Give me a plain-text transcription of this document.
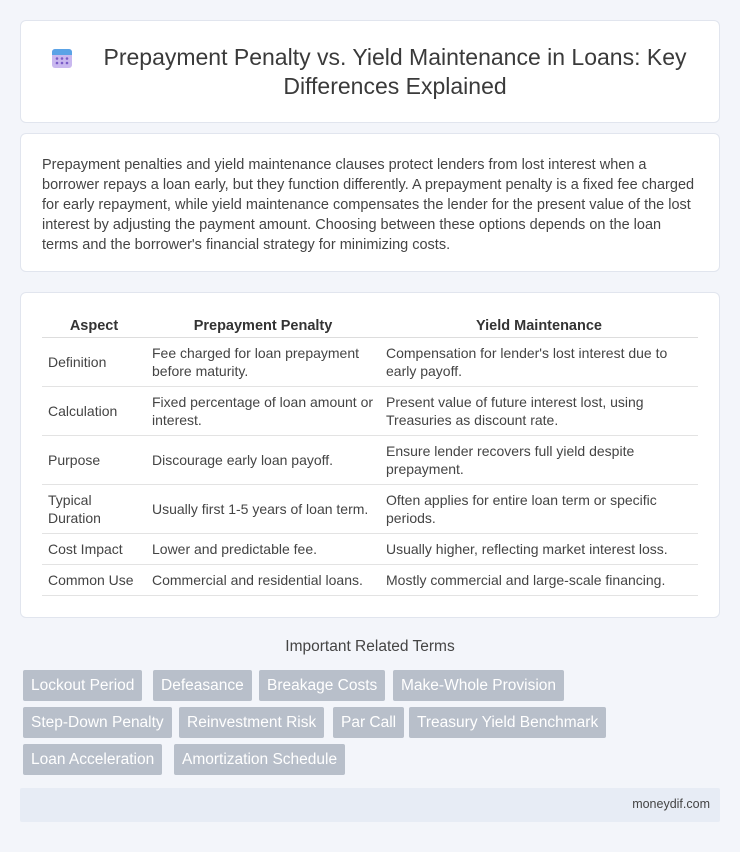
Prepayment Penalty vs. Yield Maintenance in Loans: Key Differences Explained

Prepayment penalties and yield maintenance clauses protect lenders from lost interest when a borrower repays a loan early, but they function differently. A prepayment penalty is a fixed fee charged for early repayment, while yield maintenance compensates the lender for the present value of the lost interest by adjusting the payment amount. Choosing between these options depends on the loan terms and the borrower's financial strategy for minimizing costs.

Aspect	Prepayment Penalty	Yield Maintenance
Definition	Fee charged for loan prepayment before maturity.	Compensation for lender's lost interest due to early payoff.
Calculation	Fixed percentage of loan amount or interest.	Present value of future interest lost, using Treasuries as discount rate.
Purpose	Discourage early loan payoff.	Ensure lender recovers full yield despite prepayment.
Typical Duration	Usually first 1-5 years of loan term.	Often applies for entire loan term or specific periods.
Cost Impact	Lower and predictable fee.	Usually higher, reflecting market interest loss.
Common Use	Commercial and residential loans.	Mostly commercial and large-scale financing.
Important Related Terms
Lockout Period	Defeasance	Breakage Costs	Make-Whole Provision
Step-Down Penalty	Reinvestment Risk	Par Call	Treasury Yield Benchmark
Loan Acceleration	Amortization Schedule
moneydif.com
